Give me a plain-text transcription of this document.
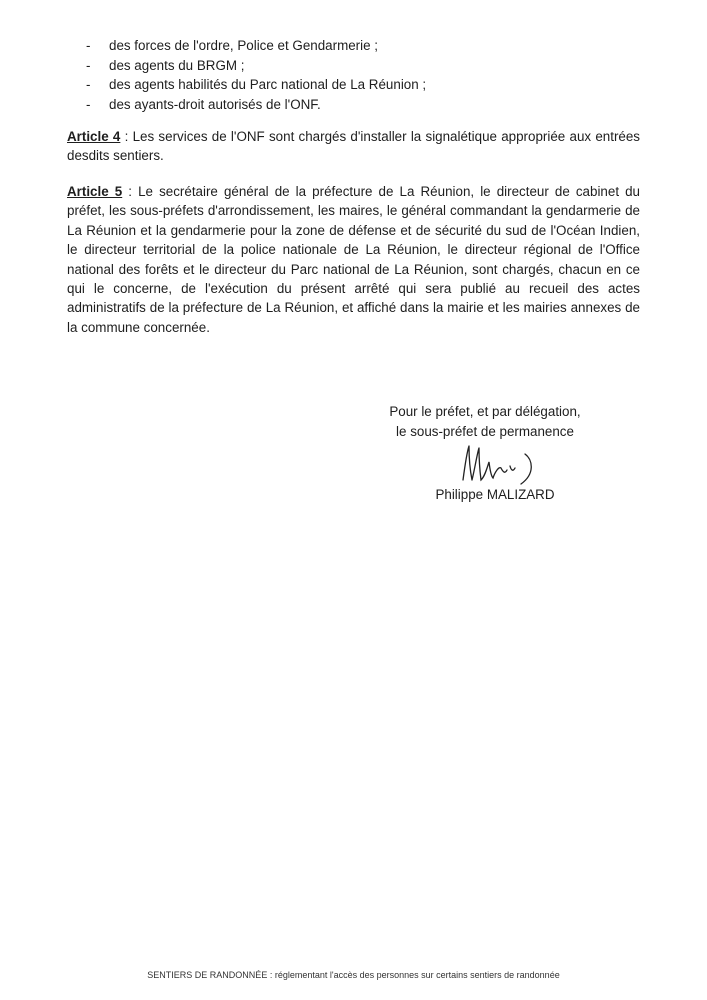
-	des forces de l'ordre, Police et Gendarmerie ;
-	des agents du BRGM ;
-	des agents habilités du Parc national de La Réunion ;
-	des ayants-droit autorisés de l'ONF.

Article 4 : Les services de l'ONF sont chargés d'installer la signalétique appropriée aux entrées desdits sentiers.

Article 5 : Le secrétaire général de la préfecture de La Réunion, le directeur de cabinet du préfet, les sous-préfets d'arrondissement, les maires, le général commandant la gendarmerie de La Réunion et la gendarmerie pour la zone de défense et de sécurité du sud de l'Océan Indien, le directeur territorial de la police nationale de La Réunion, le directeur régional de l'Office national des forêts et le directeur du Parc national de La Réunion, sont chargés, chacun en ce qui le concerne, de l'exécution du présent arrêté qui sera publié au recueil des actes administratifs de la préfecture de La Réunion, et affiché dans la mairie et les mairies annexes de la commune concernée.

Pour le préfet, et par délégation,
le sous-préfet de permanence
Philippe MALIZARD
SENTIERS DE RANDONNÉE : réglementant l'accès des personnes sur certains sentiers de randonnée
